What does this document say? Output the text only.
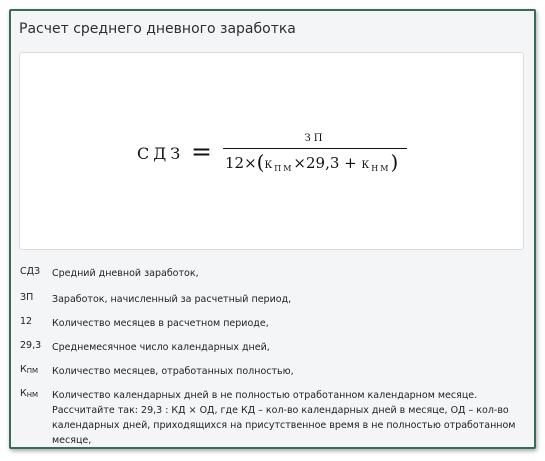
Расчет среднего дневного заработка
СДЗ =	ЗП
$12\times(К_{ПМ}\times 29,3 + К_{НМ})$
СДЗ	Средний дневной заработок,
ЗП	Заработок, начисленный за расчетный период,
12	Количество месяцев в расчетном периоде,
29,3	Среднемесячное число календарных дней,
КПМ	Количество месяцев, отработанных полностью,
КНМ	Количество календарных дней в не полностью отработанном календарном месяце. Рассчитайте так: 29,3 : КД × ОД, где КД – кол-во календарных дней в месяце, ОД – кол-во календарных дней, приходящихся на присутственное время в не полностью отработанном месяце,
